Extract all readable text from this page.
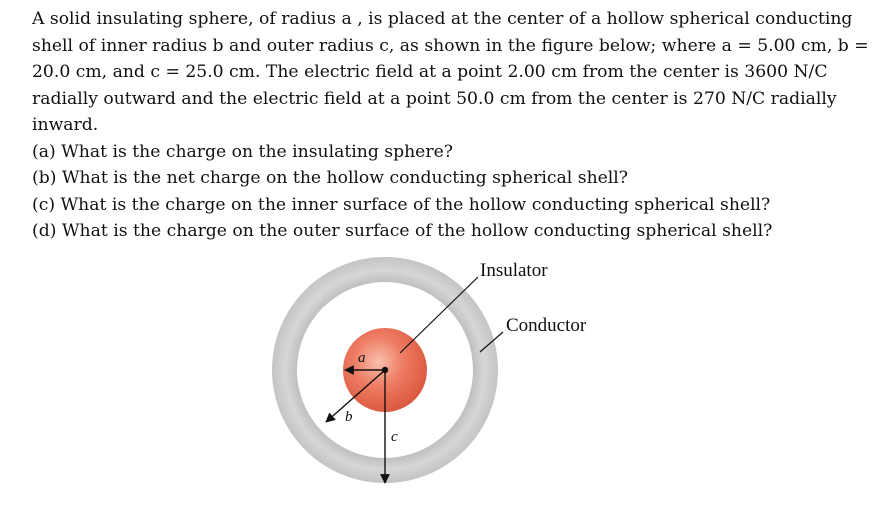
A solid insulating sphere, of radius a , is placed at the center of a hollow spherical conducting shell of inner radius b and outer radius c, as shown in the figure below; where a = 5.00 cm, b = 20.0 cm, and c = 25.0 cm. The electric field at a point 2.00 cm from the center is 3600 N/C radially outward and the electric field at a point 50.0 cm from the center is 270 N/C radially inward.

(a) What is the charge on the insulating sphere?

(b) What is the net charge on the hollow conducting spherical shell?

(c) What is the charge on the inner surface of the hollow conducting spherical shell?

(d) What is the charge on the outer surface of the hollow conducting spherical shell?

Insulator
Conductor
a
b
c
